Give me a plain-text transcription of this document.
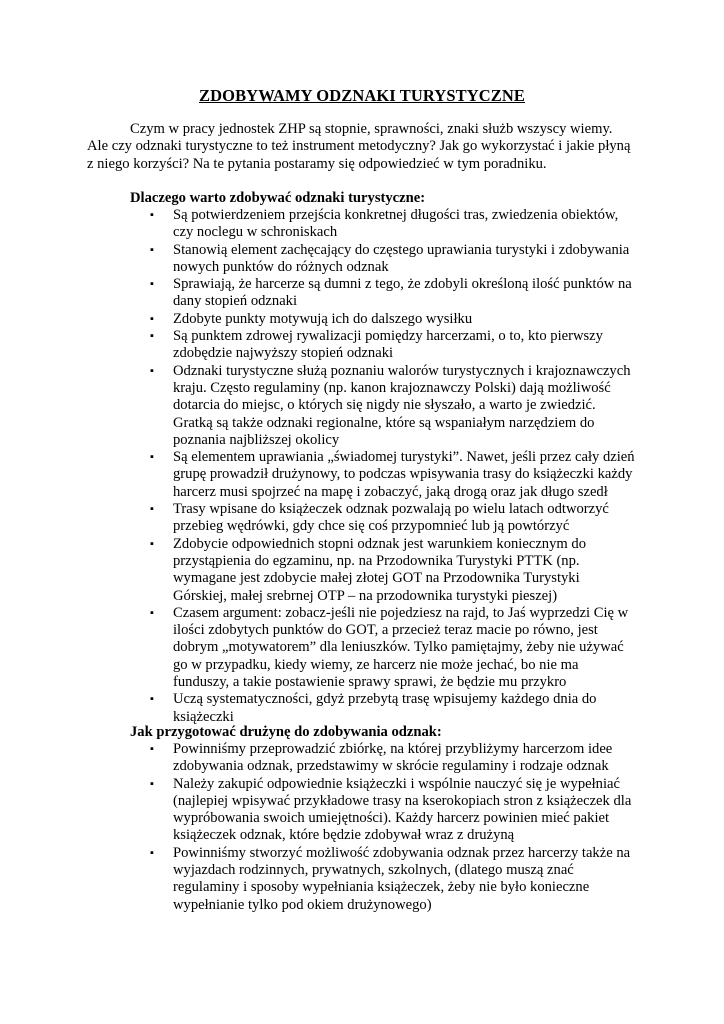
ZDOBYWAMY ODZNAKI TURYSTYCZNE
Czym w pracy jednostek ZHP są stopnie, sprawności, znaki służb wszyscy wiemy.
Ale czy odznaki turystyczne to też instrument metodyczny? Jak go wykorzystać i jakie płyną
z niego korzyści? Na te pytania postaramy się odpowiedzieć w tym poradniku.
Dlaczego warto zdobywać odznaki turystyczne:
▪ Są potwierdzeniem przejścia konkretnej długości tras, zwiedzenia obiektów,
czy noclegu w schroniskach
▪ Stanowią element zachęcający do częstego uprawiania turystyki i zdobywania
nowych punktów do różnych odznak
▪ Sprawiają, że harcerze są dumni z tego, że zdobyli określoną ilość punktów na
dany stopień odznaki
▪ Zdobyte punkty motywują ich do dalszego wysiłku
▪ Są punktem zdrowej rywalizacji pomiędzy harcerzami, o to, kto pierwszy
zdobędzie najwyższy stopień odznaki
▪ Odznaki turystyczne służą poznaniu walorów turystycznych i krajoznawczych
kraju. Często regulaminy (np. kanon krajoznawczy Polski) dają możliwość
dotarcia do miejsc, o których się nigdy nie słyszało, a warto je zwiedzić.
Gratką są także odznaki regionalne, które są wspaniałym narzędziem do
poznania najbliższej okolicy
▪ Są elementem uprawiania „świadomej turystyki”. Nawet, jeśli przez cały dzień
grupę prowadził drużynowy, to podczas wpisywania trasy do książeczki każdy
harcerz musi spojrzeć na mapę i zobaczyć, jaką drogą oraz jak długo szedł
▪ Trasy wpisane do książeczek odznak pozwalają po wielu latach odtworzyć
przebieg wędrówki, gdy chce się coś przypomnieć lub ją powtórzyć
▪ Zdobycie odpowiednich stopni odznak jest warunkiem koniecznym do
przystąpienia do egzaminu, np. na Przodownika Turystyki PTTK (np.
wymagane jest zdobycie małej złotej GOT na Przodownika Turystyki
Górskiej, małej srebrnej OTP – na przodownika turystyki pieszej)
▪ Czasem argument: zobacz-jeśli nie pojedziesz na rajd, to Jaś wyprzedzi Cię w
ilości zdobytych punktów do GOT, a przecież teraz macie po równo, jest
dobrym „motywatorem” dla leniuszków. Tylko pamiętajmy, żeby nie używać
go w przypadku, kiedy wiemy, ze harcerz nie może jechać, bo nie ma
funduszy, a takie postawienie sprawy sprawi, że będzie mu przykro
▪ Uczą systematyczności, gdyż przebytą trasę wpisujemy każdego dnia do
książeczki
Jak przygotować drużynę do zdobywania odznak:
▪ Powinniśmy przeprowadzić zbiórkę, na której przybliżymy harcerzom idee
zdobywania odznak, przedstawimy w skrócie regulaminy i rodzaje odznak
▪ Należy zakupić odpowiednie książeczki i wspólnie nauczyć się je wypełniać
(najlepiej wpisywać przykładowe trasy na kserokopiach stron z książeczek dla
wypróbowania swoich umiejętności). Każdy harcerz powinien mieć pakiet
książeczek odznak, które będzie zdobywał wraz z drużyną
▪ Powinniśmy stworzyć możliwość zdobywania odznak przez harcerzy także na
wyjazdach rodzinnych, prywatnych, szkolnych, (dlatego muszą znać
regulaminy i sposoby wypełniania książeczek, żeby nie było konieczne
wypełnianie tylko pod okiem drużynowego)
